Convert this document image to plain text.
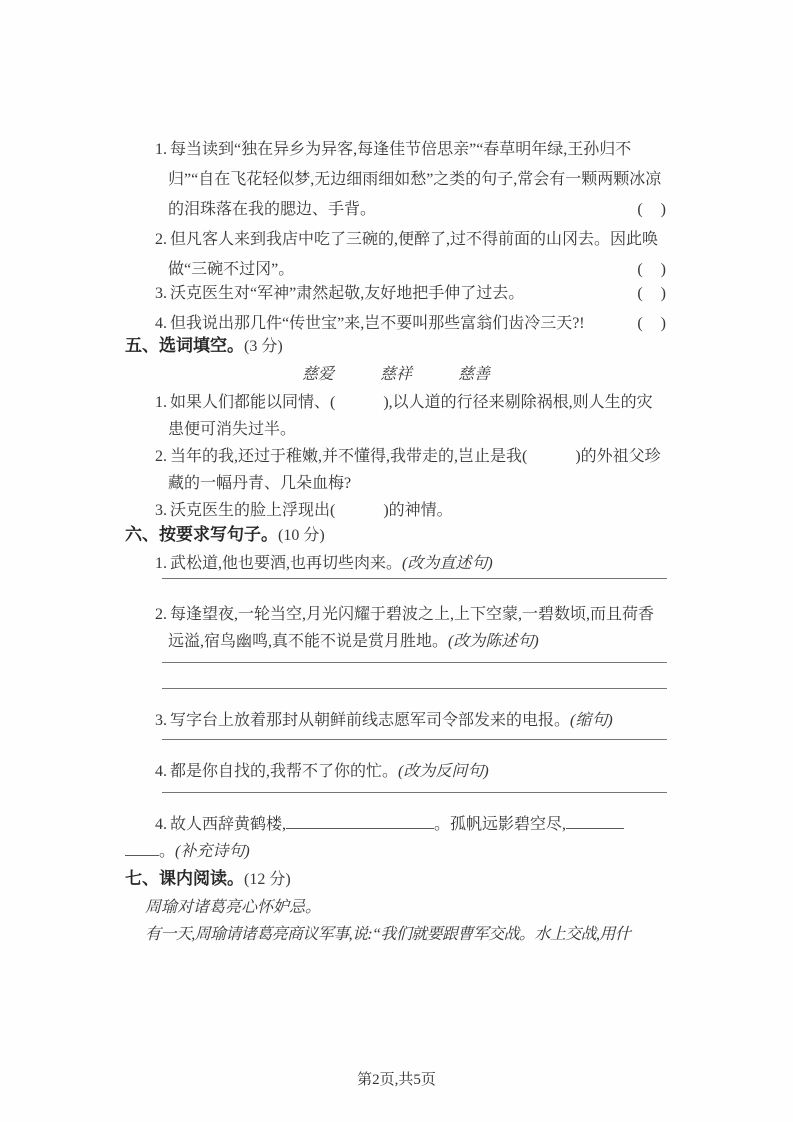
1. 每当读到“独在异乡为异客,每逢佳节倍思亲”“春草明年绿,王孙归不归”“自在飞花轻似梦,无边细雨细如愁”之类的句子,常会有一颗两颗冰凉的泪珠落在我的腮边、手背。	(　)
2. 但凡客人来到我店中吃了三碗的,便醉了,过不得前面的山冈去。因此唤做“三碗不过冈”。	(　)
3. 沃克医生对“军神”肃然起敬,友好地把手伸了过去。	(　)
4. 但我说出那几件“传世宝”来,岂不要叫那些富翁们齿冷三天?!	(　)
五、选词填空。(3 分)
慈爱	慈祥	慈善
1. 如果人们都能以同情、(　　　),以人道的行径来剔除祸根,则人生的灾患便可消失过半。
2. 当年的我,还过于稚嫩,并不懂得,我带走的,岂止是我(　　　)的外祖父珍藏的一幅丹青、几朵血梅?
3. 沃克医生的脸上浮现出(　　　)的神情。
六、按要求写句子。(10 分)
1. 武松道,他也要酒,也再切些肉来。(改为直述句)
2. 每逢望夜,一轮当空,月光闪耀于碧波之上,上下空蒙,一碧数顷,而且荷香远溢,宿鸟幽鸣,真不能不说是赏月胜地。(改为陈述句)
3. 写字台上放着那封从朝鲜前线志愿军司令部发来的电报。(缩句)
4. 都是你自找的,我帮不了你的忙。(改为反问句)
4. 故人西辞黄鹤楼,	。孤帆远影碧空尽,
。(补充诗句)
七、课内阅读。(12 分)
周瑜对诸葛亮心怀妒忌。
有一天,周瑜请诸葛亮商议军事,说:“我们就要跟曹军交战。水上交战,用什
第2页,共5页
